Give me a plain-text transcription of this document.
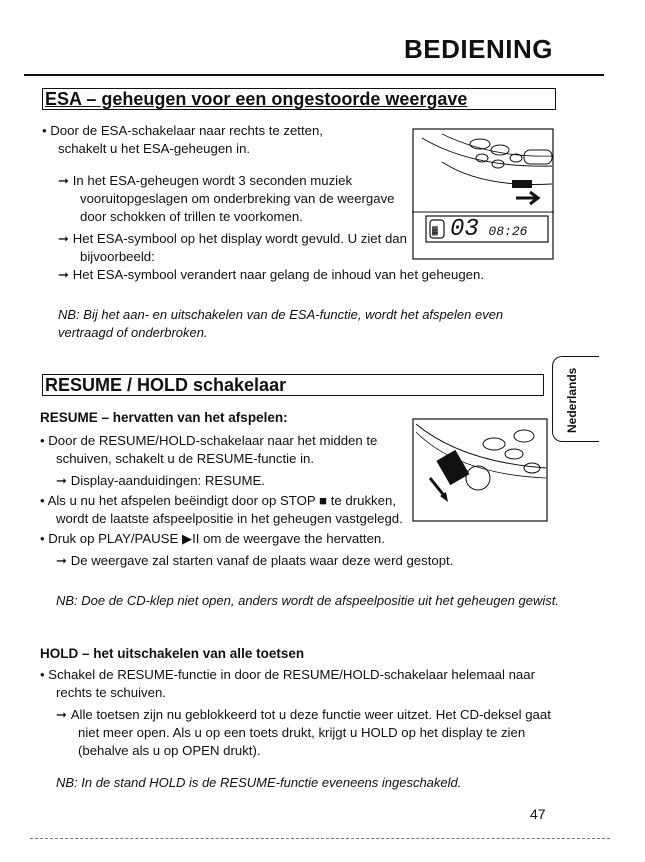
BEDIENING
ESA – geheugen voor een ongestoorde weergave
• Door de ESA-schakelaar naar rechts te zetten, schakelt u het ESA-geheugen in.
➞ In het ESA-geheugen wordt 3 seconden muziek vooruitopgeslagen om onderbreking van de weergave door schokken of trillen te voorkomen.
➞ Het ESA-symbool op het display wordt gevuld. U ziet dan bijvoorbeeld:
➞ Het ESA-symbool verandert naar gelang de inhoud van het geheugen.
NB: Bij het aan- en uitschakelen van de ESA-functie, wordt het afspelen even vertraagd of onderbroken.
▓ 03 08:26
Nederlands
RESUME / HOLD schakelaar
RESUME – hervatten van het afspelen:
• Door de RESUME/HOLD-schakelaar naar het midden te schuiven, schakelt u de RESUME-functie in.
➞ Display-aanduidingen: RESUME.
• Als u nu het afspelen beëindigt door op STOP ■ te drukken, wordt de laatste afspeelpositie in het geheugen vastgelegd.
• Druk op PLAY/PAUSE ▶II om de weergave the hervatten.
➞ De weergave zal starten vanaf de plaats waar deze werd gestopt.
NB: Doe de CD-klep niet open, anders wordt de afspeelpositie uit het geheugen gewist.
HOLD – het uitschakelen van alle toetsen
• Schakel de RESUME-functie in door de RESUME/HOLD-schakelaar helemaal naar rechts te schuiven.
➞ Alle toetsen zijn nu geblokkeerd tot u deze functie weer uitzet. Het CD-deksel gaat niet meer open. Als u op een toets drukt, krijgt u HOLD op het display te zien (behalve als u op OPEN drukt).
NB: In de stand HOLD is de RESUME-functie eveneens ingeschakeld.
47
